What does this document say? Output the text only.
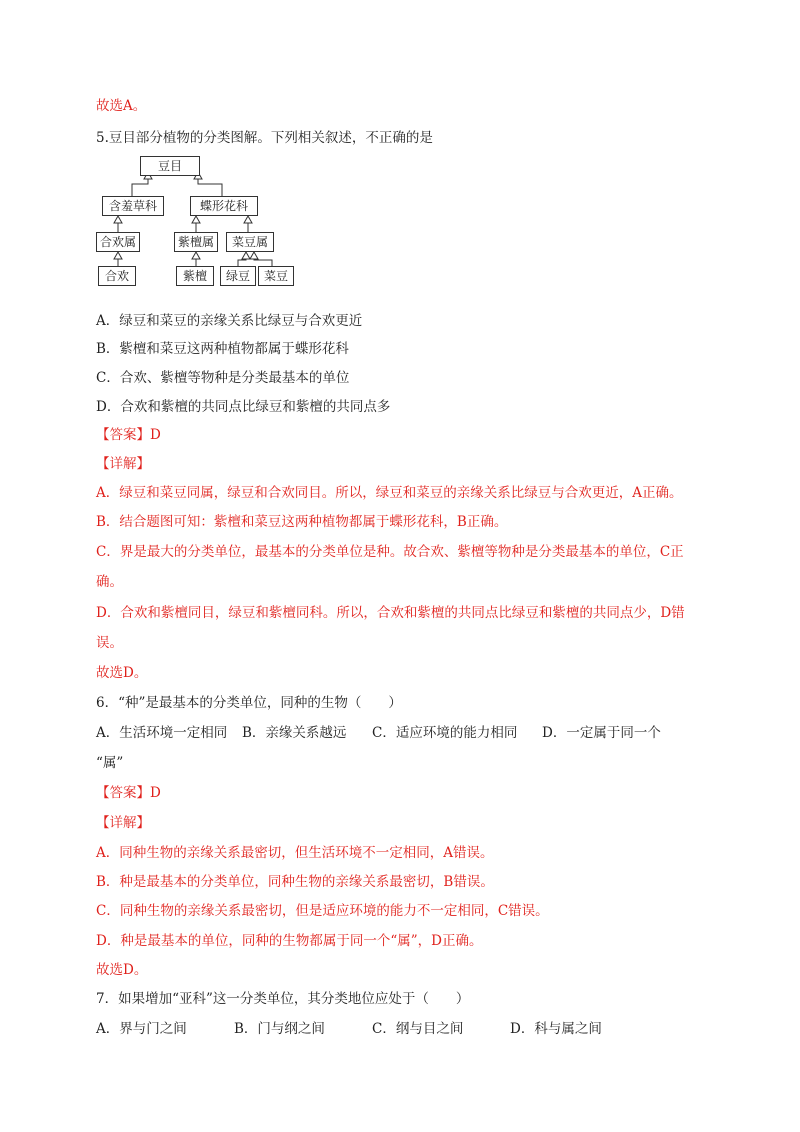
故选A。
5.豆目部分植物的分类图解。下列相关叙述，不正确的是
豆目
含羞草科	蝶形花科
合欢属	紫檀属	菜豆属
合欢	紫檀	绿豆	菜豆
A．绿豆和菜豆的亲缘关系比绿豆与合欢更近
B．紫檀和菜豆这两种植物都属于蝶形花科
C．合欢、紫檀等物种是分类最基本的单位
D．合欢和紫檀的共同点比绿豆和紫檀的共同点多
【答案】D
【详解】
A．绿豆和菜豆同属，绿豆和合欢同目。所以，绿豆和菜豆的亲缘关系比绿豆与合欢更近，A正确。
B．结合题图可知：紫檀和菜豆这两种植物都属于蝶形花科，B正确。
C．界是最大的分类单位，最基本的分类单位是种。故合欢、紫檀等物种是分类最基本的单位，C正
确。
D．合欢和紫檀同目，绿豆和紫檀同科。所以，合欢和紫檀的共同点比绿豆和紫檀的共同点少，D错
误。
故选D。
6．“种”是最基本的分类单位，同种的生物（　　）
A．生活环境一定相同 B．亲缘关系越远 C．适应环境的能力相同 D．一定属于同一个
“属”
【答案】D
【详解】
A．同种生物的亲缘关系最密切，但生活环境不一定相同，A错误。
B．种是最基本的分类单位，同种生物的亲缘关系最密切，B错误。
C．同种生物的亲缘关系最密切，但是适应环境的能力不一定相同，C错误。
D．种是最基本的单位，同种的生物都属于同一个“属”，D正确。
故选D。
7．如果增加“亚科”这一分类单位，其分类地位应处于（　　）
A．界与门之间	B．门与纲之间	C．纲与目之间	D．科与属之间
